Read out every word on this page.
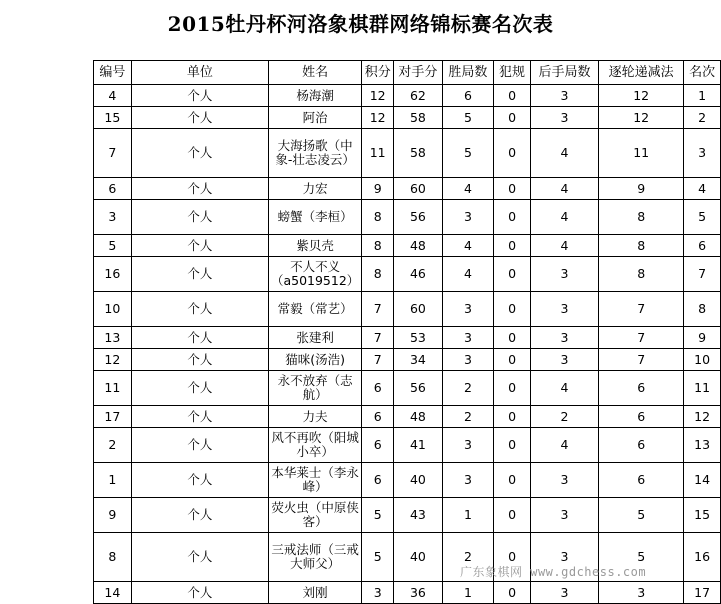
2015牡丹杯河洛象棋群网络锦标赛名次表
编号	单位	姓名	积分	对手分	胜局数	犯规	后手局数	逐轮递减法	名次
4	个人	杨海潮	12	62	6	0	3	12	1
15	个人	阿治	12	58	5	0	3	12	2
7	个人	大海扬歌（中象-壮志凌云）	11	58	5	0	4	11	3
6	个人	力宏	9	60	4	0	4	9	4
3	个人	螃蟹（李桓）	8	56	3	0	4	8	5
5	个人	紫贝壳	8	48	4	0	4	8	6
16	个人	不人不义（a5019512）	8	46	4	0	3	8	7
10	个人	常毅（常艺）	7	60	3	0	3	7	8
13	个人	张建利	7	53	3	0	3	7	9
12	个人	猫咪(汤浩)	7	34	3	0	3	7	10
11	个人	永不放弃（志航）	6	56	2	0	4	6	11
17	个人	力夫	6	48	2	0	2	6	12
2	个人	风不再吹（阳城小卒）	6	41	3	0	4	6	13
1	个人	本华莱士（李永峰）	6	40	3	0	3	6	14
9	个人	荧火虫（中原侠客）	5	43	1	0	3	5	15
8	个人	三戒法师（三戒大师父）	5	40	2	0	3	5	16
14	个人	刘刚	3	36	1	0	3	3	17
广东象棋网 www.gdchess.com
